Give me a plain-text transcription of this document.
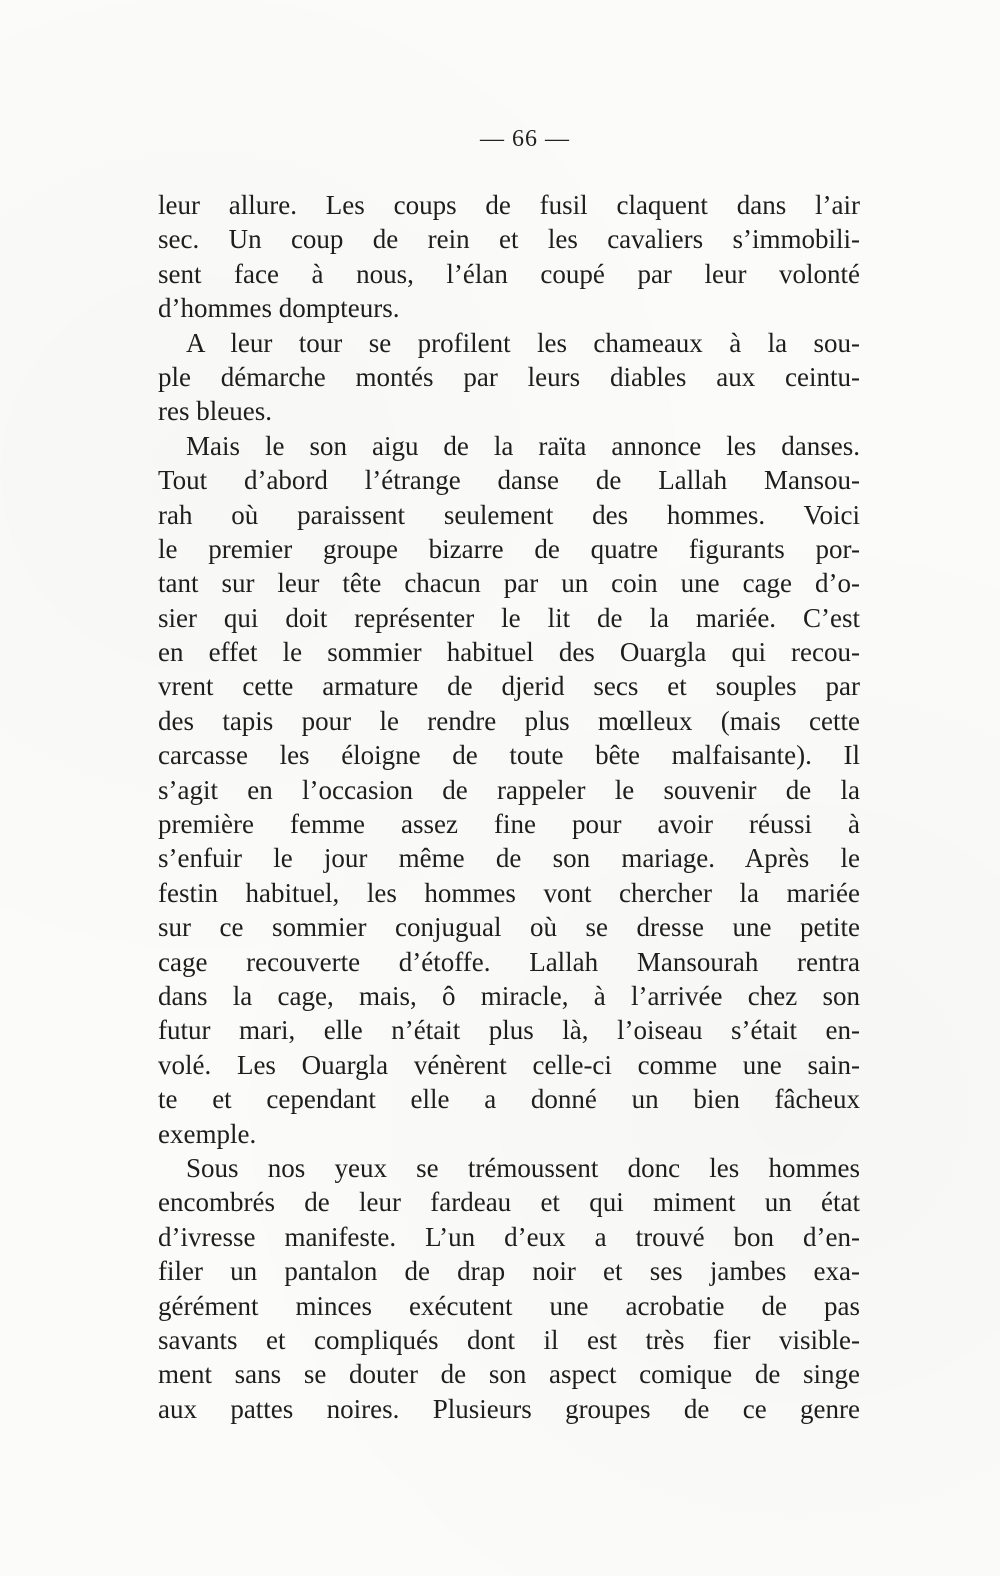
— 66 —
leur allure. Les coups de fusil claquent dans l’air
sec. Un coup de rein et les cavaliers s’immobili-
sent face à nous, l’élan coupé par leur volonté
d’hommes dompteurs.
A leur tour se profilent les chameaux à la sou-
ple démarche montés par leurs diables aux ceintu-
res bleues.
Mais le son aigu de la raïta annonce les danses.
Tout d’abord l’étrange danse de Lallah Mansou-
rah où paraissent seulement des hommes. Voici
le premier groupe bizarre de quatre figurants por-
tant sur leur tête chacun par un coin une cage d’o-
sier qui doit représenter le lit de la mariée. C’est
en effet le sommier habituel des Ouargla qui recou-
vrent cette armature de djerid secs et souples par
des tapis pour le rendre plus mœlleux (mais cette
carcasse les éloigne de toute bête malfaisante). Il
s’agit en l’occasion de rappeler le souvenir de la
première femme assez fine pour avoir réussi à
s’enfuir le jour même de son mariage. Après le
festin habituel, les hommes vont chercher la mariée
sur ce sommier conjugual où se dresse une petite
cage recouverte d’étoffe. Lallah Mansourah rentra
dans la cage, mais, ô miracle, à l’arrivée chez son
futur mari, elle n’était plus là, l’oiseau s’était en-
volé. Les Ouargla vénèrent celle-ci comme une sain-
te et cependant elle a donné un bien fâcheux
exemple.
Sous nos yeux se trémoussent donc les hommes
encombrés de leur fardeau et qui miment un état
d’ivresse manifeste. L’un d’eux a trouvé bon d’en-
filer un pantalon de drap noir et ses jambes exa-
gérément minces exécutent une acrobatie de pas
savants et compliqués dont il est très fier visible-
ment sans se douter de son aspect comique de singe
aux pattes noires. Plusieurs groupes de ce genre
